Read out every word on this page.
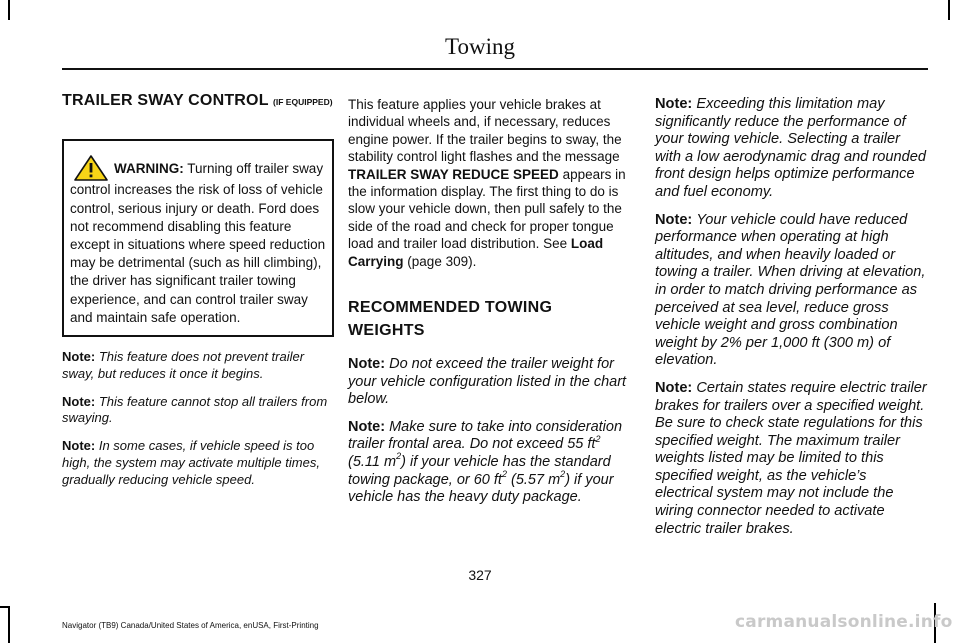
Towing
TRAILER SWAY CONTROL (IF EQUIPPED)
WARNING: Turning off trailer sway control increases the risk of loss of vehicle control, serious injury or death. Ford does not recommend disabling this feature except in situations where speed reduction may be detrimental (such as hill climbing), the driver has significant trailer towing experience, and can control trailer sway and maintain safe operation.

Note: This feature does not prevent trailer sway, but reduces it once it begins.

Note: This feature cannot stop all trailers from swaying.

Note: In some cases, if vehicle speed is too high, the system may activate multiple times, gradually reducing vehicle speed.

This feature applies your vehicle brakes at individual wheels and, if necessary, reduces engine power. If the trailer begins to sway, the stability control light flashes and the message TRAILER SWAY REDUCE SPEED appears in the information display. The first thing to do is slow your vehicle down, then pull safely to the side of the road and check for proper tongue load and trailer load distribution. See Load Carrying (page 309).

RECOMMENDED TOWING WEIGHTS

Note: Do not exceed the trailer weight for your vehicle configuration listed in the chart below.

Note: Make sure to take into consideration trailer frontal area. Do not exceed 55 $ft^2$ (5.11 $m^2$) if your vehicle has the standard towing package, or 60 $ft^2$ (5.57 $m^2$) if your vehicle has the heavy duty package.

Note: Exceeding this limitation may significantly reduce the performance of your towing vehicle. Selecting a trailer with a low aerodynamic drag and rounded front design helps optimize performance and fuel economy.

Note: Your vehicle could have reduced performance when operating at high altitudes, and when heavily loaded or towing a trailer. When driving at elevation, in order to match driving performance as perceived at sea level, reduce gross vehicle weight and gross combination weight by 2% per 1,000 ft (300 m) of elevation.

Note: Certain states require electric trailer brakes for trailers over a specified weight. Be sure to check state regulations for this specified weight. The maximum trailer weights listed may be limited to this specified weight, as the vehicle’s electrical system may not include the wiring connector needed to activate electric trailer brakes.

327
Navigator (TB9) Canada/United States of America, enUSA, First-Printing	carmanualsonline.info
